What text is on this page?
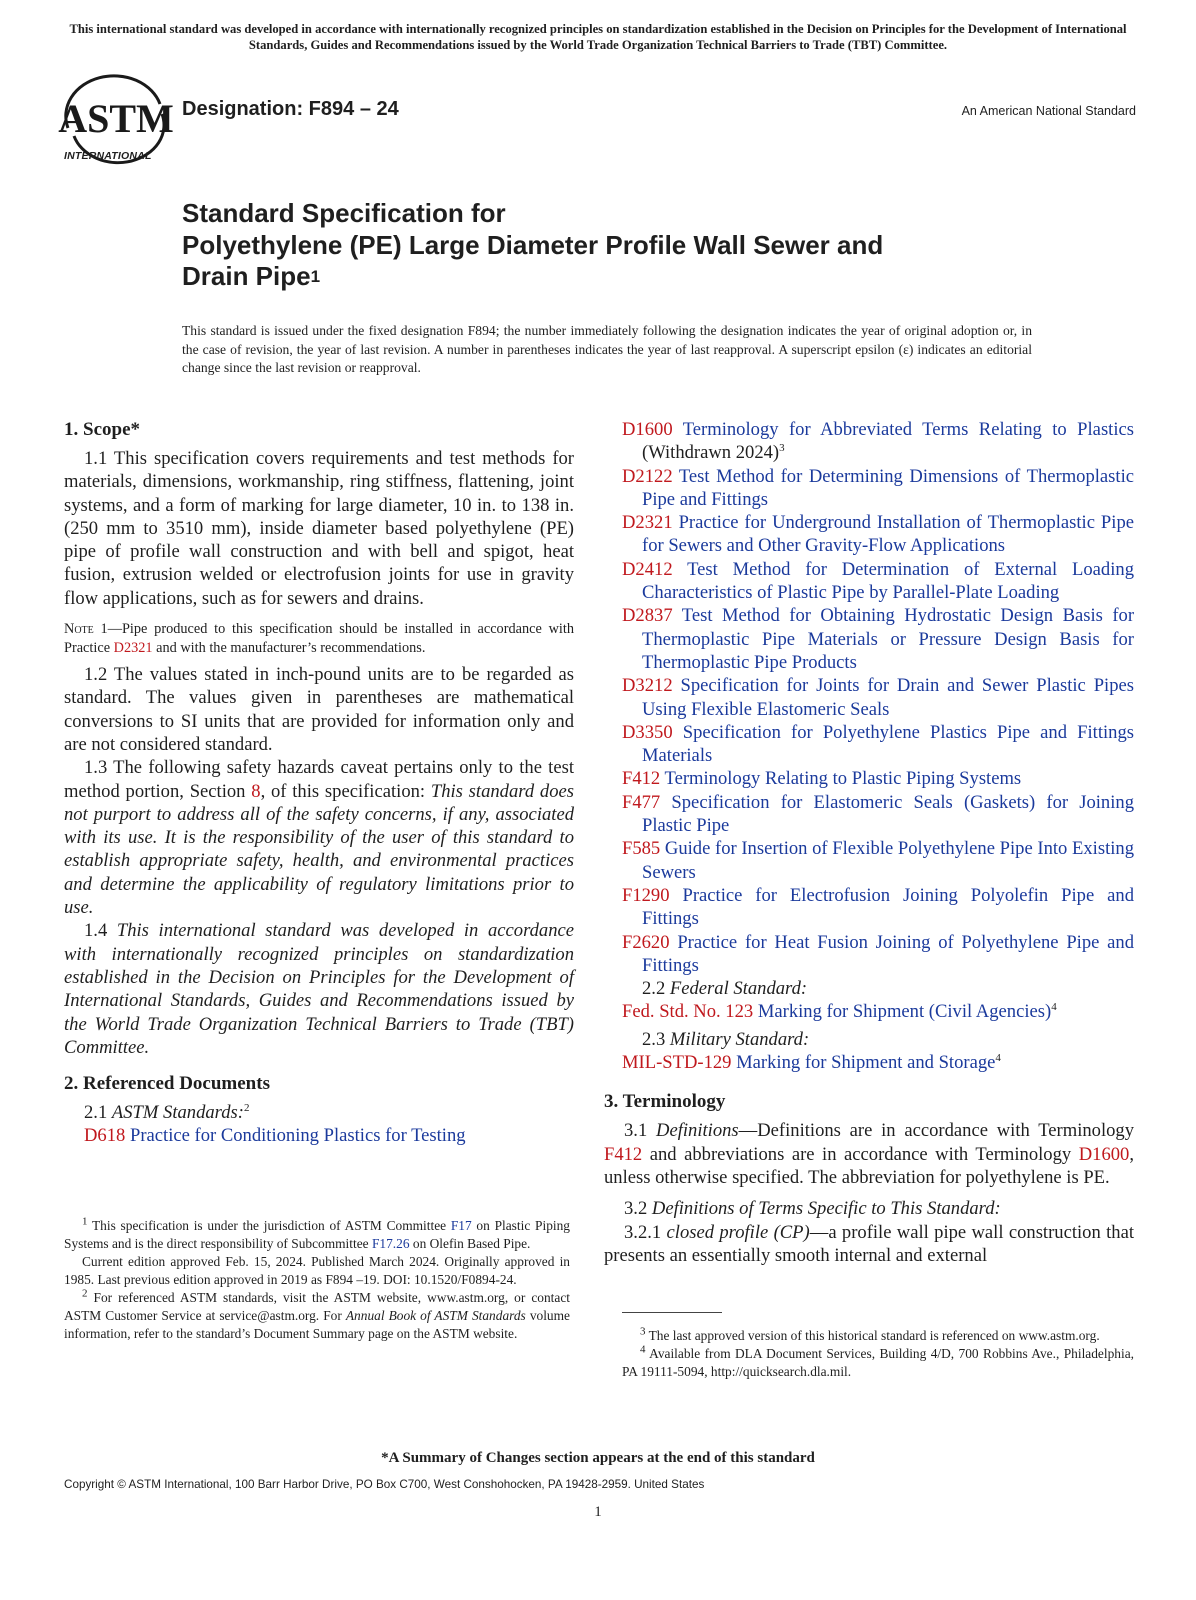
This international standard was developed in accordance with internationally recognized principles on standardization established in the Decision on Principles for the Development of International Standards, Guides and Recommendations issued by the World Trade Organization Technical Barriers to Trade (TBT) Committee.
ASTM
INTERNATIONAL
Designation: F894 – 24	An American National Standard
Standard Specification for
Polyethylene (PE) Large Diameter Profile Wall Sewer and
Drain Pipe$^1$
This standard is issued under the fixed designation F894; the number immediately following the designation indicates the year of original adoption or, in the case of revision, the year of last revision. A number in parentheses indicates the year of last reapproval. A superscript epsilon (ε) indicates an editorial change since the last revision or reapproval.
1. Scope*

1.1 This specification covers requirements and test methods for materials, dimensions, workmanship, ring stiffness, flattening, joint systems, and a form of marking for large diameter, 10 in. to 138 in. (250 mm to 3510 mm), inside diameter based polyethylene (PE) pipe of profile wall construction and with bell and spigot, heat fusion, extrusion welded or electrofusion joints for use in gravity flow applications, such as for sewers and drains.

Note 1—Pipe produced to this specification should be installed in accordance with Practice D2321 and with the manufacturer’s recommendations.

1.2 The values stated in inch-pound units are to be regarded as standard. The values given in parentheses are mathematical conversions to SI units that are provided for information only and are not considered standard.

1.3 The following safety hazards caveat pertains only to the test method portion, Section 8, of this specification: This standard does not purport to address all of the safety concerns, if any, associated with its use. It is the responsibility of the user of this standard to establish appropriate safety, health, and environmental practices and determine the applicability of regulatory limitations prior to use.

1.4 This international standard was developed in accordance with internationally recognized principles on standardization established in the Decision on Principles for the Development of International Standards, Guides and Recommendations issued by the World Trade Organization Technical Barriers to Trade (TBT) Committee.

2. Referenced Documents

2.1 ASTM Standards:$^2$

D618 Practice for Conditioning Plastics for Testing

$^1$ This specification is under the jurisdiction of ASTM Committee F17 on Plastic Piping Systems and is the direct responsibility of Subcommittee F17.26 on Olefin Based Pipe.

Current edition approved Feb. 15, 2024. Published March 2024. Originally approved in 1985. Last previous edition approved in 2019 as F894 –19. DOI: 10.1520/F0894-24.

$^2$ For referenced ASTM standards, visit the ASTM website, www.astm.org, or contact ASTM Customer Service at service@astm.org. For Annual Book of ASTM Standards volume information, refer to the standard’s Document Summary page on the ASTM website.

D1600 Terminology for Abbreviated Terms Relating to Plastics (Withdrawn 2024)$^3$

D2122 Test Method for Determining Dimensions of Thermoplastic Pipe and Fittings

D2321 Practice for Underground Installation of Thermoplastic Pipe for Sewers and Other Gravity-Flow Applications

D2412 Test Method for Determination of External Loading Characteristics of Plastic Pipe by Parallel-Plate Loading

D2837 Test Method for Obtaining Hydrostatic Design Basis for Thermoplastic Pipe Materials or Pressure Design Basis for Thermoplastic Pipe Products

D3212 Specification for Joints for Drain and Sewer Plastic Pipes Using Flexible Elastomeric Seals

D3350 Specification for Polyethylene Plastics Pipe and Fittings Materials

F412 Terminology Relating to Plastic Piping Systems

F477 Specification for Elastomeric Seals (Gaskets) for Joining Plastic Pipe

F585 Guide for Insertion of Flexible Polyethylene Pipe Into Existing Sewers

F1290 Practice for Electrofusion Joining Polyolefin Pipe and Fittings

F2620 Practice for Heat Fusion Joining of Polyethylene Pipe and Fittings

2.2 Federal Standard:

Fed. Std. No. 123 Marking for Shipment (Civil Agencies)$^4$

2.3 Military Standard:

MIL-STD-129 Marking for Shipment and Storage$^4$

3. Terminology

3.1 Definitions—Definitions are in accordance with Terminology F412 and abbreviations are in accordance with Terminology D1600, unless otherwise specified. The abbreviation for polyethylene is PE.

3.2 Definitions of Terms Specific to This Standard:

3.2.1 closed profile (CP)—a profile wall pipe wall construction that presents an essentially smooth internal and external

$^3$ The last approved version of this historical standard is referenced on www.astm.org.

$^4$ Available from DLA Document Services, Building 4/D, 700 Robbins Ave., Philadelphia, PA 19111-5094, http://quicksearch.dla.mil.

*A Summary of Changes section appears at the end of this standard
Copyright © ASTM International, 100 Barr Harbor Drive, PO Box C700, West Conshohocken, PA 19428-2959. United States
1
